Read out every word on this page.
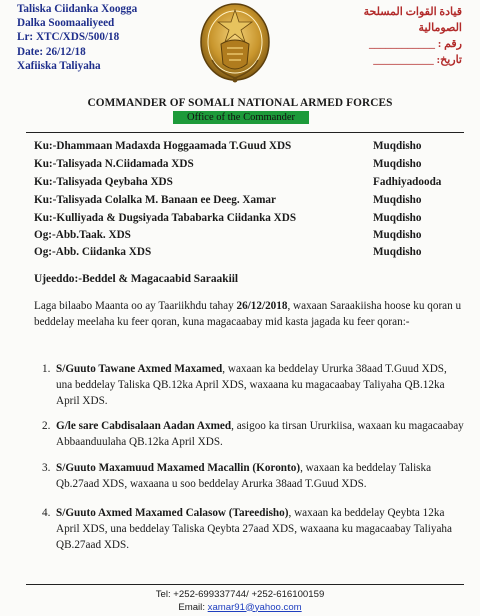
Taliska Ciidanka Xoogga
Dalka Soomaaliyeed
Lr: XTC/XDS/500/18
Date: 26/12/18
Xafiiska Taliyaha
قيادة القوات المسلحة
الصومالية
رقم : ____________
تاريخ: ___________
COMMANDER OF SOMALI NATIONAL ARMED FORCES
Office of the Commander
Ku:-Dhammaan Madaxda Hoggaamada T.Guud XDS	Muqdisho
Ku:-Talisyada N.Ciidamada XDS	Muqdisho
Ku:-Talisyada Qeybaha XDS	Fadhiyadooda
Ku:-Talisyada Colalka M. Banaan ee Deeg. Xamar	Muqdisho
Ku:-Kulliyada & Dugsiyada Tababarka Ciidanka XDS	Muqdisho
Og:-Abb.Taak. XDS	Muqdisho
Og:-Abb. Ciidanka XDS	Muqdisho
Ujeeddo:-Beddel & Magacaabid Saraakiil

Laga bilaabo Maanta oo ay Taariikhdu tahay 26/12/2018, waxaan Saraakiisha hoose ku qoran u beddelay meelaha ku feer qoran, kuna magacaabay mid kasta jagada ku feer qoran:-

1. S/Guuto Tawane Axmed Maxamed, waxaan ka beddelay Ururka 38aad T.Guud XDS, una beddelay Taliska QB.12ka April XDS, waxaana ku magacaabay Taliyaha QB.12ka April XDS.
2. G/le sare Cabdisalaan Aadan Axmed, asigoo ka tirsan Ururkiisa, waxaan ku magacaabay Abbaanduulaha QB.12ka April XDS.
3. S/Guuto Maxamuud Maxamed Macallin (Koronto), waxaan ka beddelay Taliska Qb.27aad XDS, waxaana u soo beddelay Arurka 38aad T.Guud XDS.
4. S/Guuto Axmed Maxamed Calasow (Tareedisho), waxaan ka beddelay Qeybta 12ka April XDS, una beddelay Taliska Qeybta 27aad XDS, waxaana ku magacaabay Taliyaha QB.27aad XDS.
Tel: +252-699337744/ +252-616100159
Email: xamar91@yahoo.com
